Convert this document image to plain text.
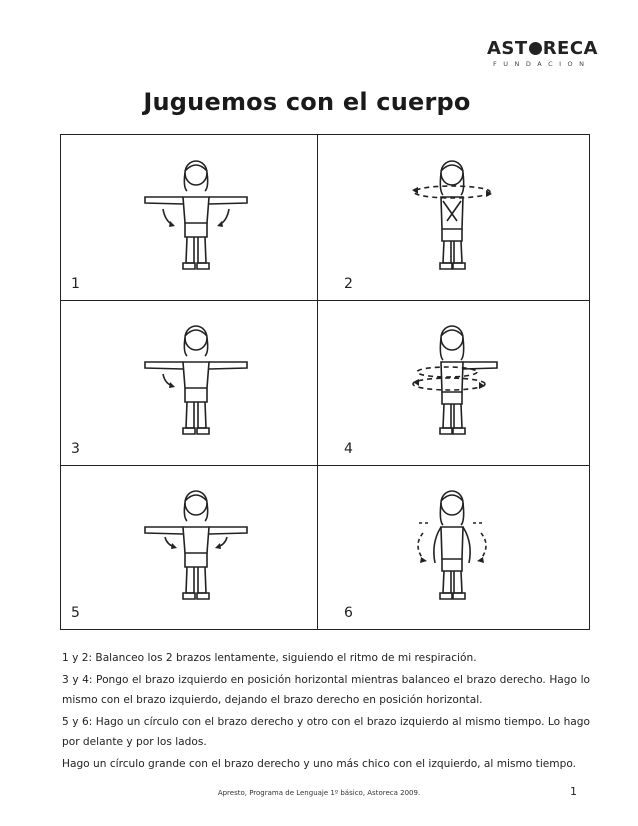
AST RECA
FUNDACION
Juguemos con el cuerpo
1	2
3	4
5	6

1 y 2: Balanceo los 2 brazos lentamente, siguiendo el ritmo de mi respiración.

3 y 4: Pongo el brazo izquierdo en posición horizontal mientras balanceo el brazo derecho. Hago lo mismo con el brazo izquierdo, dejando el brazo derecho en posición horizontal.

5 y 6: Hago un círculo con el brazo derecho y otro con el brazo izquierdo al mismo tiempo. Lo hago por delante y por los lados.

Hago un círculo grande con el brazo derecho y uno más chico con el izquierdo, al mismo tiempo.

Apresto, Programa de Lenguaje 1º básico, Astoreca 2009.	1
